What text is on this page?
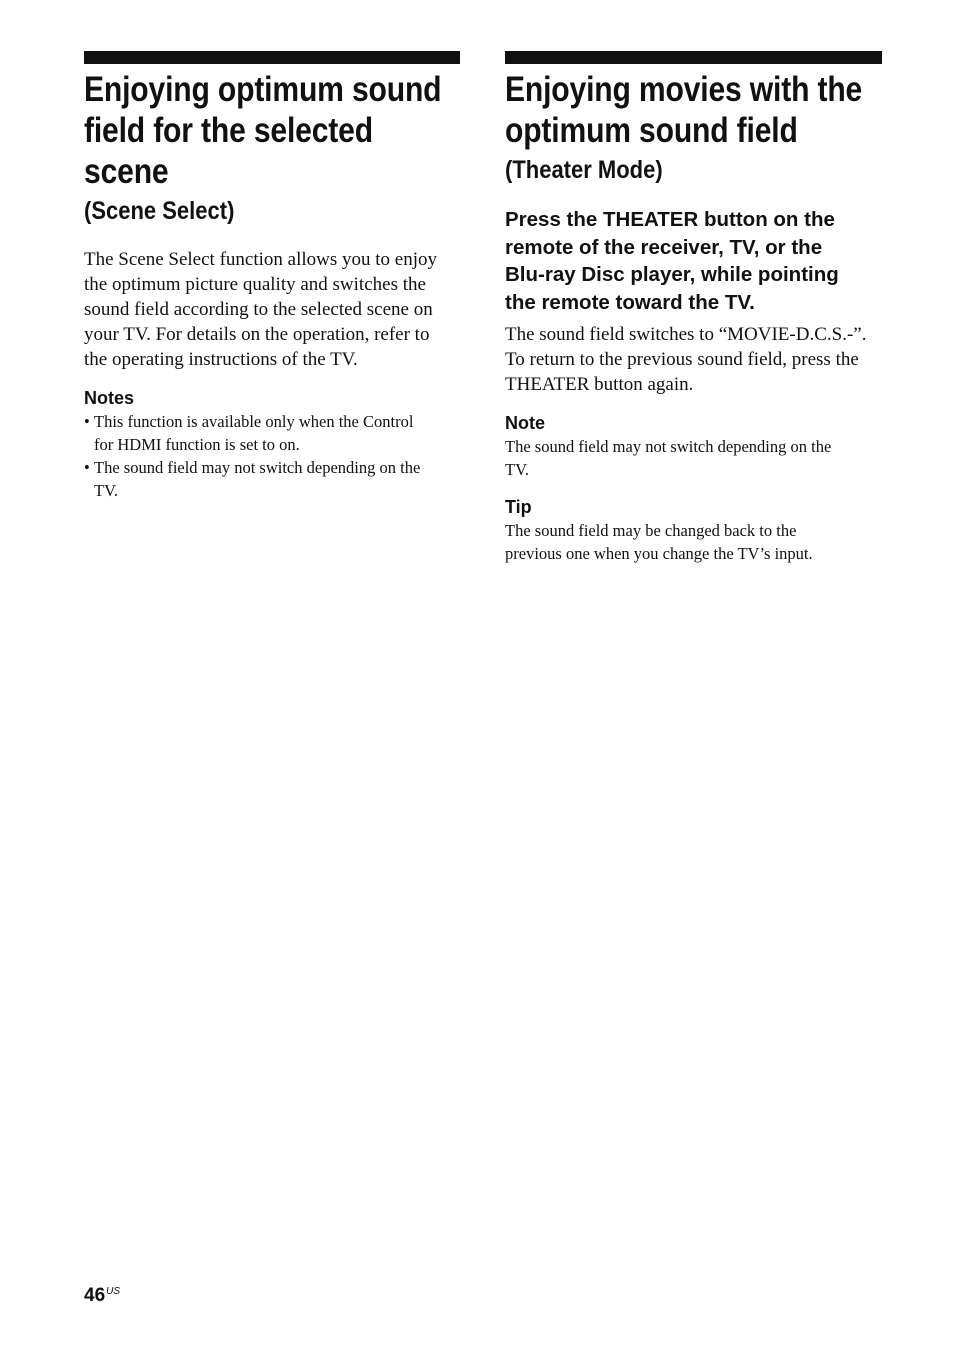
Enjoying optimum sound
field for the selected
scene
(Scene Select)

The Scene Select function allows you to enjoy
the optimum picture quality and switches the
sound field according to the selected scene on
your TV. For details on the operation, refer to
the operating instructions of the TV.

Notes
• This function is available only when the Control
for HDMI function is set to on.
• The sound field may not switch depending on the
TV.
Enjoying movies with the
optimum sound field
(Theater Mode)

Press the THEATER button on the
remote of the receiver, TV, or the
Blu-ray Disc player, while pointing
the remote toward the TV.

The sound field switches to “MOVIE-D.C.S.-”.
To return to the previous sound field, press the
THEATER button again.

Note

The sound field may not switch depending on the
TV.

Tip

The sound field may be changed back to the
previous one when you change the TV’s input.

$46^{US}$
